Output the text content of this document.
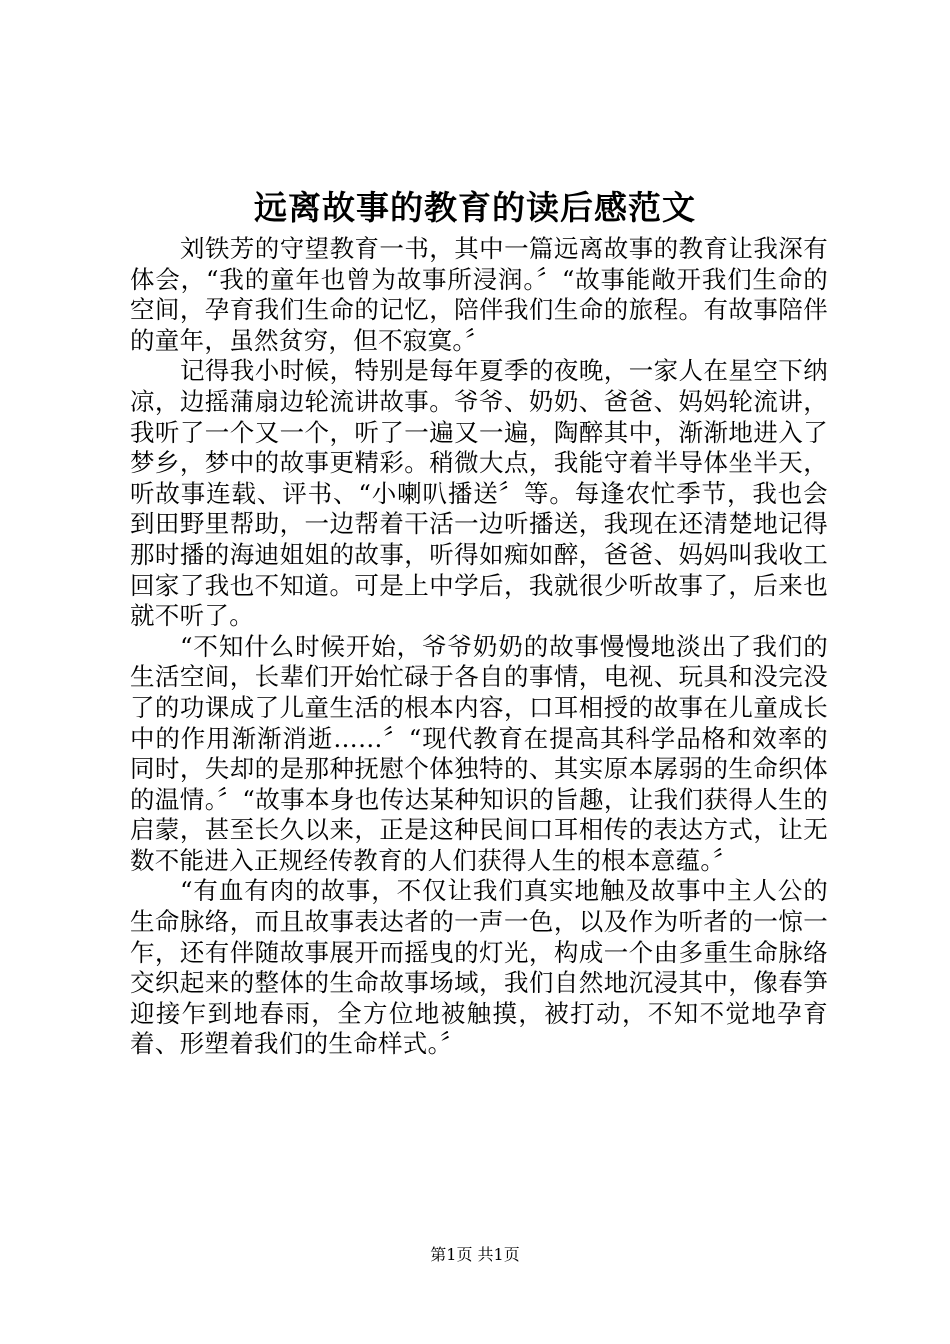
远离故事的教育的读后感范文

刘铁芳的守望教育一书，其中一篇远离故事的教育让我深有体会，“我的童年也曾为故事所浸润。〞“故事能敞开我们生命的空间，孕育我们生命的记忆，陪伴我们生命的旅程。有故事陪伴的童年，虽然贫穷，但不寂寞。〞

记得我小时候，特别是每年夏季的夜晚，一家人在星空下纳凉，边摇蒲扇边轮流讲故事。爷爷、奶奶、爸爸、妈妈轮流讲，我听了一个又一个，听了一遍又一遍，陶醉其中，渐渐地进入了梦乡，梦中的故事更精彩。稍微大点，我能守着半导体坐半天，听故事连载、评书、“小喇叭播送〞等。每逢农忙季节，我也会到田野里帮助，一边帮着干活一边听播送，我现在还清楚地记得那时播的海迪姐姐的故事，听得如痴如醉，爸爸、妈妈叫我收工回家了我也不知道。可是上中学后，我就很少听故事了，后来也就不听了。

“不知什么时候开始，爷爷奶奶的故事慢慢地淡出了我们的生活空间，长辈们开始忙碌于各自的事情，电视、玩具和没完没了的功课成了儿童生活的根本内容，口耳相授的故事在儿童成长中的作用渐渐消逝……〞“现代教育在提高其科学品格和效率的同时，失却的是那种抚慰个体独特的、其实原本孱弱的生命织体的温情。〞“故事本身也传达某种知识的旨趣，让我们获得人生的启蒙，甚至长久以来，正是这种民间口耳相传的表达方式，让无数不能进入正规经传教育的人们获得人生的根本意蕴。〞

“有血有肉的故事，不仅让我们真实地触及故事中主人公的生命脉络，而且故事表达者的一声一色，以及作为听者的一惊一乍，还有伴随故事展开而摇曳的灯光，构成一个由多重生命脉络交织起来的整体的生命故事场域，我们自然地沉浸其中，像春笋迎接乍到地春雨，全方位地被触摸，被打动，不知不觉地孕育着、形塑着我们的生命样式。〞

第1页 共1页
